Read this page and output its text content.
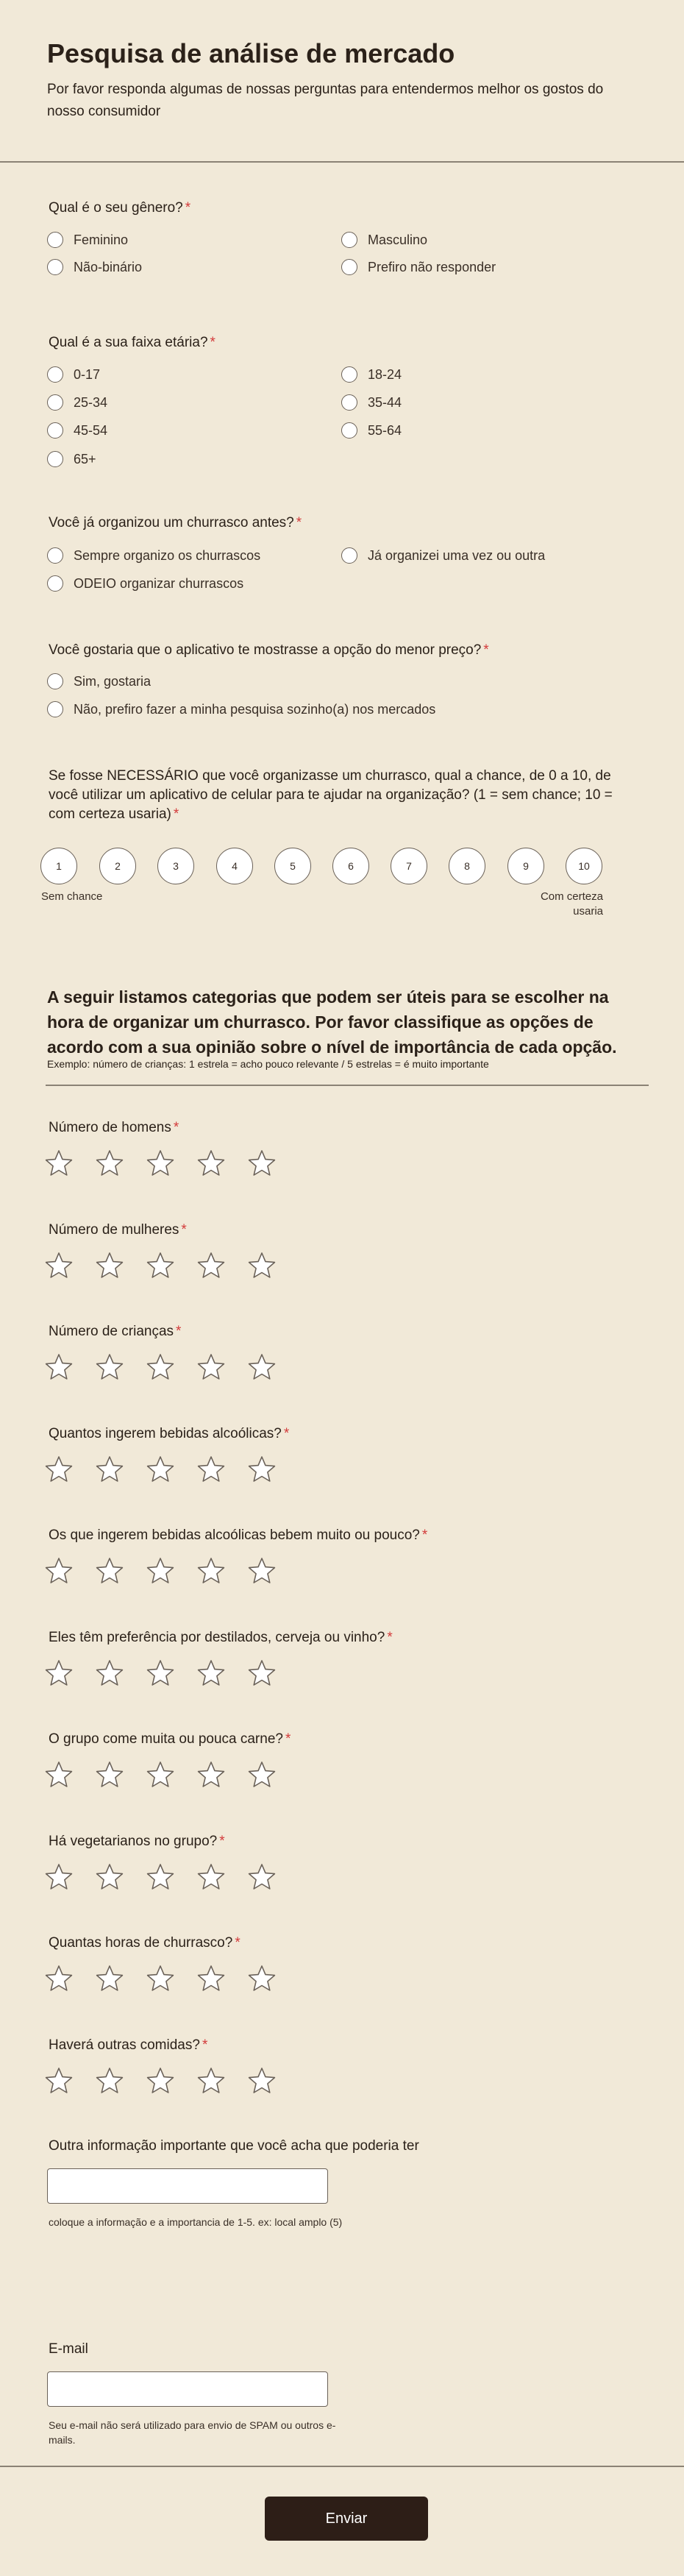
Pesquisa de análise de mercado
Por favor responda algumas de nossas perguntas para entendermos melhor os gostos do nosso consumidor
Qual é o seu gênero? *
Feminino	Masculino
Não-binário	Prefiro não responder
Qual é a sua faixa etária? *
0-17	18-24
25-34	35-44
45-54	55-64
65+
Você já organizou um churrasco antes? *
Sempre organizo os churrascos	Já organizei uma vez ou outra
ODEIO organizar churrascos
Você gostaria que o aplicativo te mostrasse a opção do menor preço? *
Sim, gostaria
Não, prefiro fazer a minha pesquisa sozinho(a) nos mercados
Se fosse NECESSÁRIO que você organizasse um churrasco, qual a chance, de 0 a 10, de você utilizar um aplicativo de celular para te ajudar na organização? (1 = sem chance; 10 = com certeza usaria) *
1	2	3	4	5	6	7	8	9	10
Sem chance	Com certeza usaria
A seguir listamos categorias que podem ser úteis para se escolher na hora de organizar um churrasco. Por favor classifique as opções de acordo com a sua opinião sobre o nível de importância de cada opção.
Exemplo: número de crianças: 1 estrela = acho pouco relevante / 5 estrelas = é muito importante
Número de homens *
Número de mulheres *
Número de crianças *
Quantos ingerem bebidas alcoólicas? *
Os que ingerem bebidas alcoólicas bebem muito ou pouco? *
Eles têm preferência por destilados, cerveja ou vinho? *
O grupo come muita ou pouca carne? *
Há vegetarianos no grupo? *
Quantas horas de churrasco? *
Haverá outras comidas? *
Outra informação importante que você acha que poderia ter
coloque a informação e a importancia de 1-5. ex: local amplo (5)
E-mail
Seu e-mail não será utilizado para envio de SPAM ou outros e-mails.
Enviar
